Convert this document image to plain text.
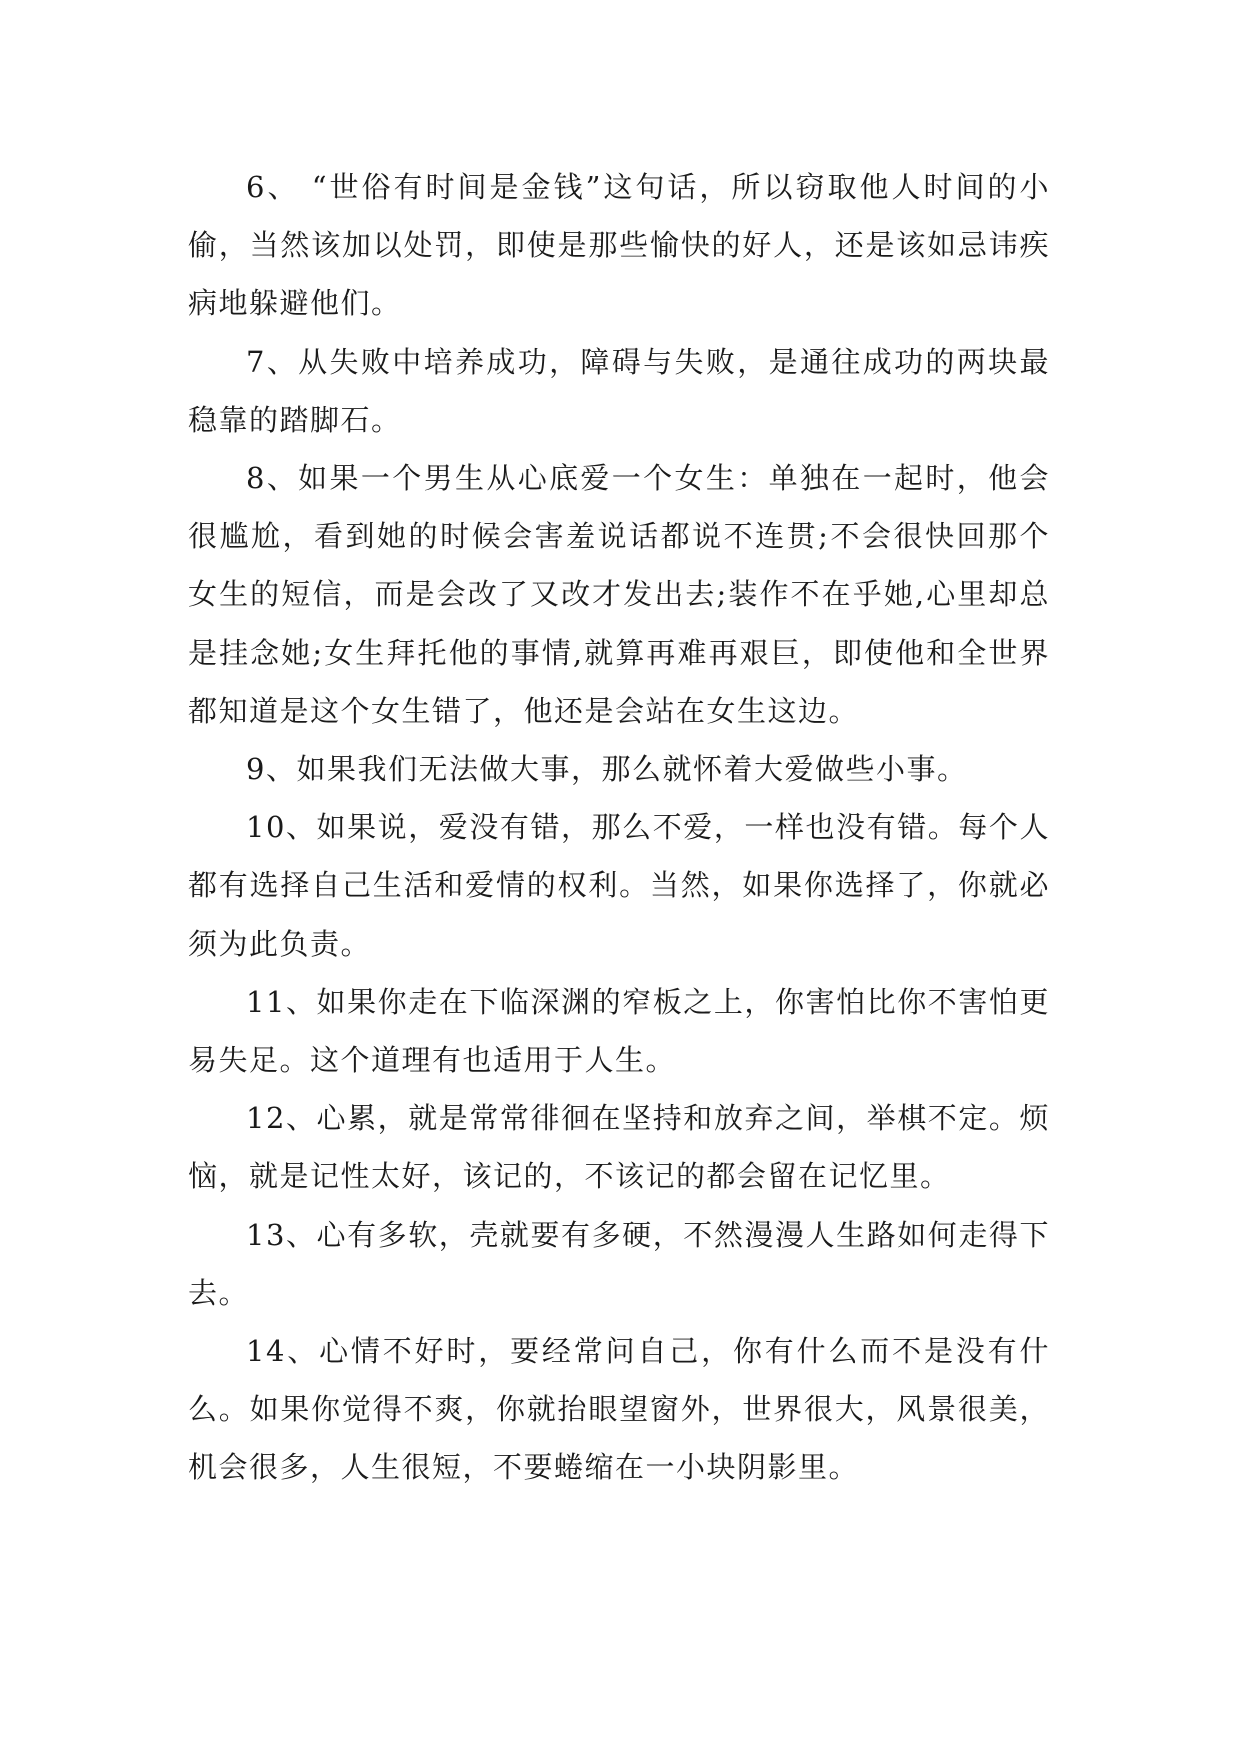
6、 “世俗有时间是金钱”这句话，所以窃取他人时间的小偷，当然该加以处罚，即使是那些愉快的好人，还是该如忌讳疾病地躲避他们。

7、从失败中培养成功，障碍与失败，是通往成功的两块最稳靠的踏脚石。

8、如果一个男生从心底爱一个女生：单独在一起时，他会很尴尬，看到她的时候会害羞说话都说不连贯;不会很快回那个女生的短信，而是会改了又改才发出去;装作不在乎她,心里却总是挂念她;女生拜托他的事情,就算再难再艰巨，即使他和全世界都知道是这个女生错了，他还是会站在女生这边。

9、如果我们无法做大事，那么就怀着大爱做些小事。

10、如果说，爱没有错，那么不爱，一样也没有错。每个人都有选择自己生活和爱情的权利。当然，如果你选择了，你就必须为此负责。

11、如果你走在下临深渊的窄板之上，你害怕比你不害怕更易失足。这个道理有也适用于人生。

12、心累，就是常常徘徊在坚持和放弃之间，举棋不定。烦恼，就是记性太好，该记的，不该记的都会留在记忆里。

13、心有多软，壳就要有多硬，不然漫漫人生路如何走得下去。

14、心情不好时，要经常问自己，你有什么而不是没有什么。如果你觉得不爽，你就抬眼望窗外，世界很大，风景很美，机会很多，人生很短，不要蜷缩在一小块阴影里。
